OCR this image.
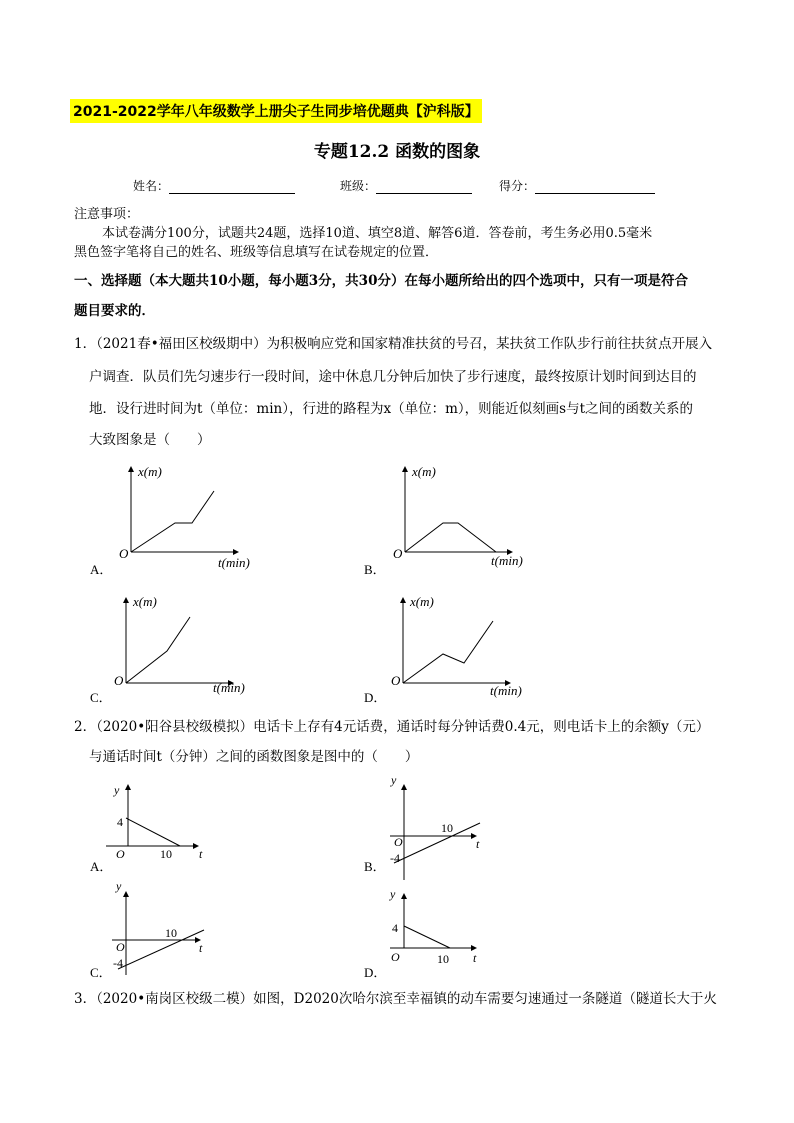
2021-2022学年八年级数学上册尖子生同步培优题典【沪科版】
专题12.2 函数的图象
姓名：	班级：	得分：
注意事项：
本试卷满分100分，试题共24题，选择10道、填空8道、解答6道．答卷前，考生务必用0.5毫米
黑色签字笔将自己的姓名、班级等信息填写在试卷规定的位置．
一、选择题（本大题共10小题，每小题3分，共30分）在每小题所给出的四个选项中，只有一项是符合
题目要求的．
1．（2021春•福田区校级期中）为积极响应党和国家精准扶贫的号召，某扶贫工作队步行前往扶贫点开展入
户调查．队员们先匀速步行一段时间，途中休息几分钟后加快了步行速度，最终按原计划时间到达目的
地．设行进时间为t（单位：min），行进的路程为x（单位：m），则能近似刻画s与t之间的函数关系的
大致图象是（　　）
x(m)
O
t(min)
A．
x(m)
O	t(min)
B．
x(m)
O	t(min)
C．
x(m)
O
t(min)
D．
2．（2020•阳谷县校级模拟）电话卡上存有4元话费，通话时每分钟话费0.4元，则电话卡上的余额y（元）
与通话时间t（分钟）之间的函数图象是图中的（　　）
y
4
O	10 t
A．
y
O
-4
10
t
B．
y
O
-4
10
t
C．
y
4
O	10 t
D．
3．（2020•南岗区校级二模）如图，D2020次哈尔滨至幸福镇的动车需要匀速通过一条隧道（隧道长大于火
